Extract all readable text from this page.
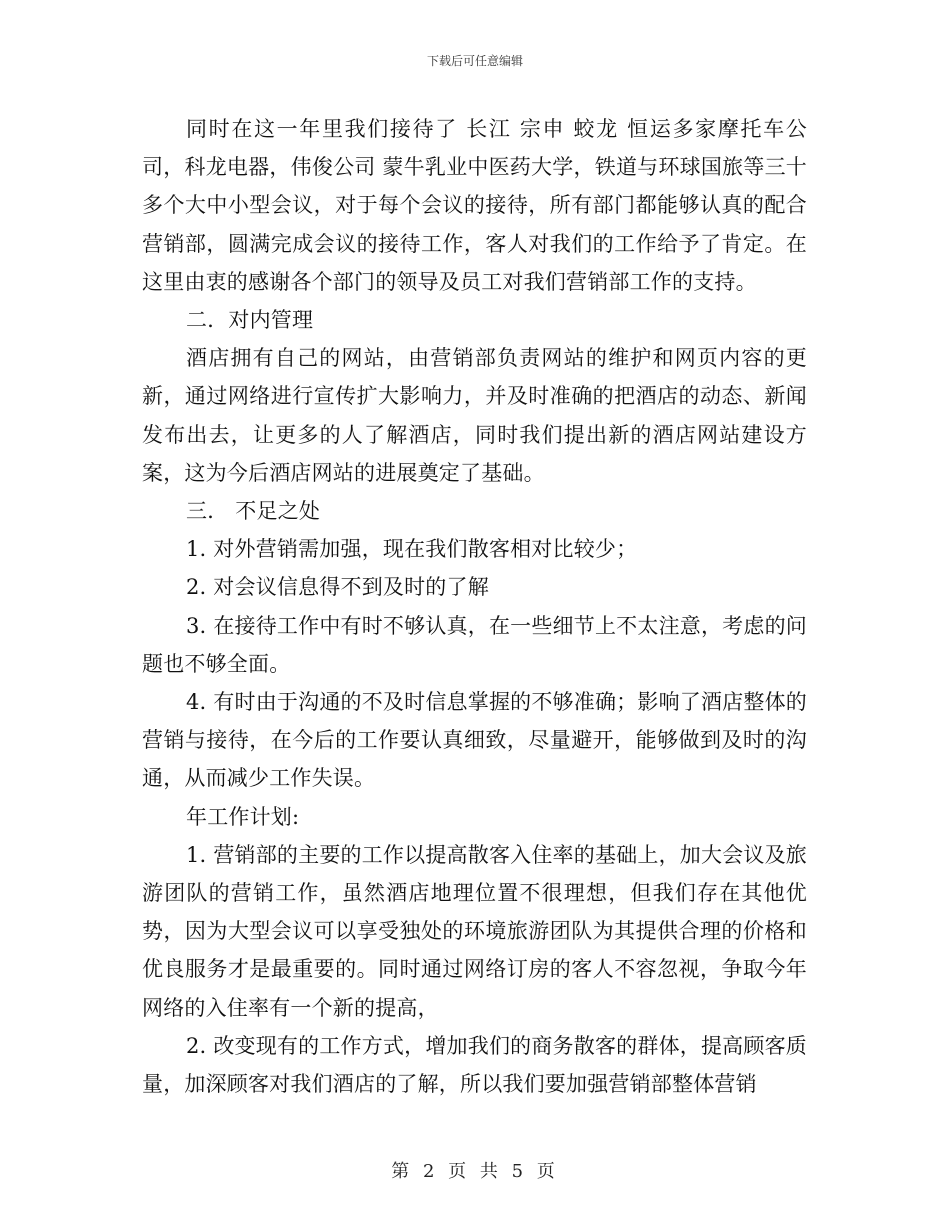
下载后可任意编辑

同时在这一年里我们接待了 长江 宗申 蛟龙 恒运多家摩托车公司，科龙电器，伟俊公司 蒙牛乳业中医药大学，铁道与环球国旅等三十多个大中小型会议，对于每个会议的接待，所有部门都能够认真的配合营销部，圆满完成会议的接待工作，客人对我们的工作给予了肯定。在这里由衷的感谢各个部门的领导及员工对我们营销部工作的支持。

二．对内管理

酒店拥有自己的网站，由营销部负责网站的维护和网页内容的更新，通过网络进行宣传扩大影响力，并及时准确的把酒店的动态、新闻发布出去，让更多的人了解酒店，同时我们提出新的酒店网站建设方案，这为今后酒店网站的进展奠定了基础。

三． 不足之处

1. 对外营销需加强，现在我们散客相对比较少；

2. 对会议信息得不到及时的了解

3. 在接待工作中有时不够认真，在一些细节上不太注意，考虑的问题也不够全面。

4. 有时由于沟通的不及时信息掌握的不够准确；影响了酒店整体的营销与接待，在今后的工作要认真细致，尽量避开，能够做到及时的沟通，从而减少工作失误。

年工作计划:

1. 营销部的主要的工作以提高散客入住率的基础上，加大会议及旅游团队的营销工作，虽然酒店地理位置不很理想，但我们存在其他优势，因为大型会议可以享受独处的环境旅游团队为其提供合理的价格和优良服务才是最重要的。同时通过网络订房的客人不容忽视，争取今年网络的入住率有一个新的提高，

2. 改变现有的工作方式，增加我们的商务散客的群体，提高顾客质量，加深顾客对我们酒店的了解，所以我们要加强营销部整体营销

第 2 页 共 5 页
